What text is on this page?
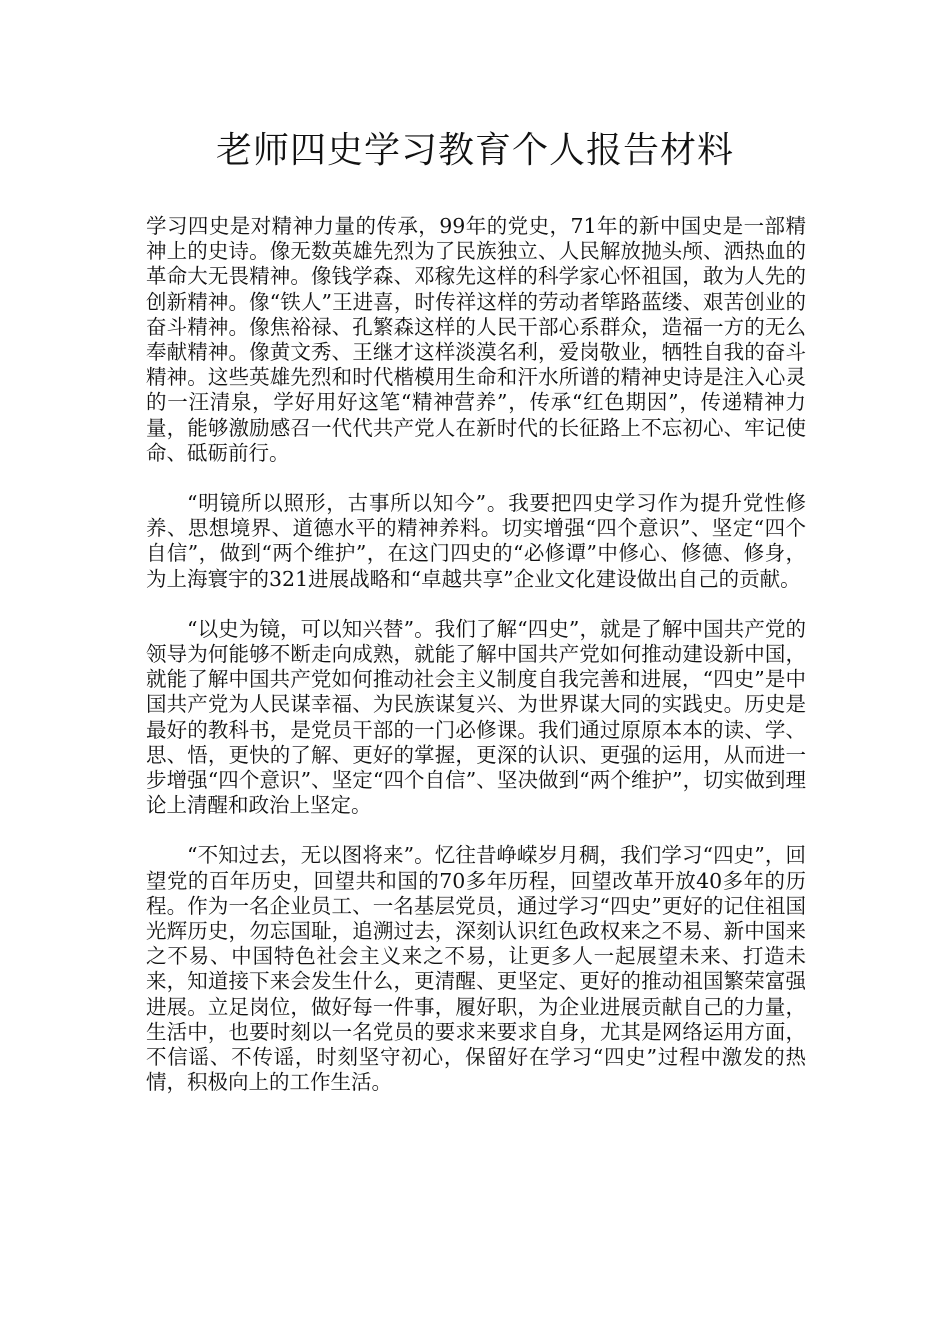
老师四史学习教育个人报告材料

学习四史是对精神力量的传承，99年的党史，71年的新中国史是一部精神上的史诗。像无数英雄先烈为了民族独立、人民解放抛头颅、洒热血的革命大无畏精神。像钱学森、邓稼先这样的科学家心怀祖国，敢为人先的创新精神。像“铁人”王进喜，时传祥这样的劳动者筚路蓝缕、艰苦创业的奋斗精神。像焦裕禄、孔繁森这样的人民干部心系群众，造福一方的无么奉献精神。像黄文秀、王继才这样淡漠名利，爱岗敬业，牺牲自我的奋斗精神。这些英雄先烈和时代楷模用生命和汗水所谱的精神史诗是注入心灵的一汪清泉，学好用好这笔“精神营养”，传承“红色期因”，传递精神力量，能够激励感召一代代共产党人在新时代的长征路上不忘初心、牢记使命、砥砺前行。

“明镜所以照形，古事所以知今”。我要把四史学习作为提升党性修养、思想境界、道德水平的精神养料。切实增强“四个意识”、坚定“四个自信”，做到“两个维护”，在这门四史的“必修谭”中修心、修德、修身，为上海寰宇的321进展战略和“卓越共享”企业文化建设做出自己的贡献。

“以史为镜，可以知兴替”。我们了解“四史”，就是了解中国共产党的领导为何能够不断走向成熟，就能了解中国共产党如何推动建设新中国，就能了解中国共产党如何推动社会主义制度自我完善和进展，“四史”是中国共产党为人民谋幸福、为民族谋复兴、为世界谋大同的实践史。历史是最好的教科书，是党员干部的一门必修课。我们通过原原本本的读、学、思、悟，更快的了解、更好的掌握，更深的认识、更强的运用，从而进一步增强“四个意识”、坚定“四个自信”、坚决做到“两个维护”，切实做到理论上清醒和政治上坚定。

“不知过去，无以图将来”。忆往昔峥嵘岁月稠，我们学习“四史”，回望党的百年历史，回望共和国的70多年历程，回望改革开放40多年的历程。作为一名企业员工、一名基层党员，通过学习“四史”更好的记住祖国光辉历史，勿忘国耻，追溯过去，深刻认识红色政权来之不易、新中国来之不易、中国特色社会主义来之不易，让更多人一起展望未来、打造未来，知道接下来会发生什么，更清醒、更坚定、更好的推动祖国繁荣富强进展。立足岗位，做好每一件事，履好职，为企业进展贡献自己的力量，生活中，也要时刻以一名党员的要求来要求自身，尤其是网络运用方面，不信谣、不传谣，时刻坚守初心，保留好在学习“四史”过程中激发的热情，积极向上的工作生活。
